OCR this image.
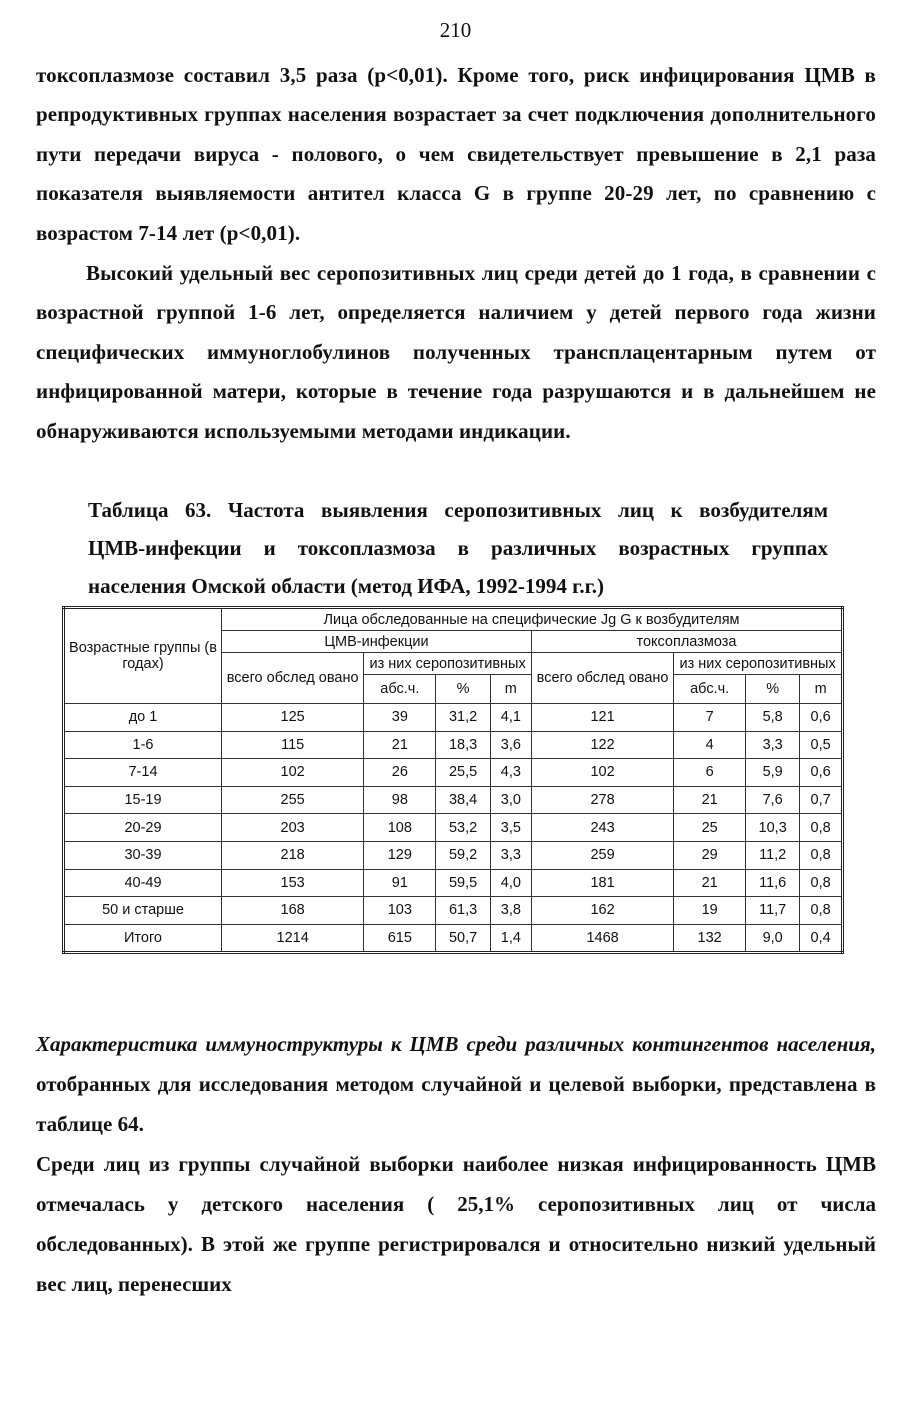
210
токсоплазмозе составил 3,5 раза (р<0,01). Кроме того, риск инфицирования ЦМВ в репродуктивных группах населения возрастает за счет подключения дополнительного пути передачи вируса - полового, о чем свидетельствует превышение в 2,1 раза показателя выявляемости антител класса G в группе 20-29 лет, по сравнению с возрастом 7-14 лет (р<0,01).
Высокий удельный вес серопозитивных лиц среди детей до 1 года, в сравнении с возрастной группой 1-6 лет, определяется наличием у детей первого года жизни специфических иммуноглобулинов полученных трансплацентарным путем от инфицированной матери, которые в течение года разрушаются и в дальнейшем не обнаруживаются используемыми методами индикации.
Таблица 63. Частота выявления серопозитивных лиц к возбудителям
ЦМВ-инфекции и токсоплазмоза в различных возрастных группах
населения Омской области (метод ИФА, 1992-1994 г.г.)
Возрастные группы (в годах)	Лица обследованные на специфические Jg G к возбудителям							
	ЦМВ-инфекции				токсоплазмоза			
	всего обслед овано	из них серопозитивных			всего обслед овано	из них серопозитивных		
		абс.ч.	%	m		абс.ч.	%	m
до 1	125	39	31,2	4,1	121	7	5,8	0,6
1-6	115	21	18,3	3,6	122	4	3,3	0,5
7-14	102	26	25,5	4,3	102	6	5,9	0,6
15-19	255	98	38,4	3,0	278	21	7,6	0,7
20-29	203	108	53,2	3,5	243	25	10,3	0,8
30-39	218	129	59,2	3,3	259	29	11,2	0,8
40-49	153	91	59,5	4,0	181	21	11,6	0,8
50 и старше	168	103	61,3	3,8	162	19	11,7	0,8
Итого	1214	615	50,7	1,4	1468	132	9,0	0,4
Характеристика иммуноструктуры к ЦМВ среди различных контингентов населения, отобранных для исследования методом случайной и целевой выборки, представлена в таблице 64.
Среди лиц из группы случайной выборки наиболее низкая инфицированность ЦМВ отмечалась у детского населения ( 25,1% серопозитивных лиц от числа обследованных). В этой же группе регистрировался и относительно низкий удельный вес лиц, перенесших
